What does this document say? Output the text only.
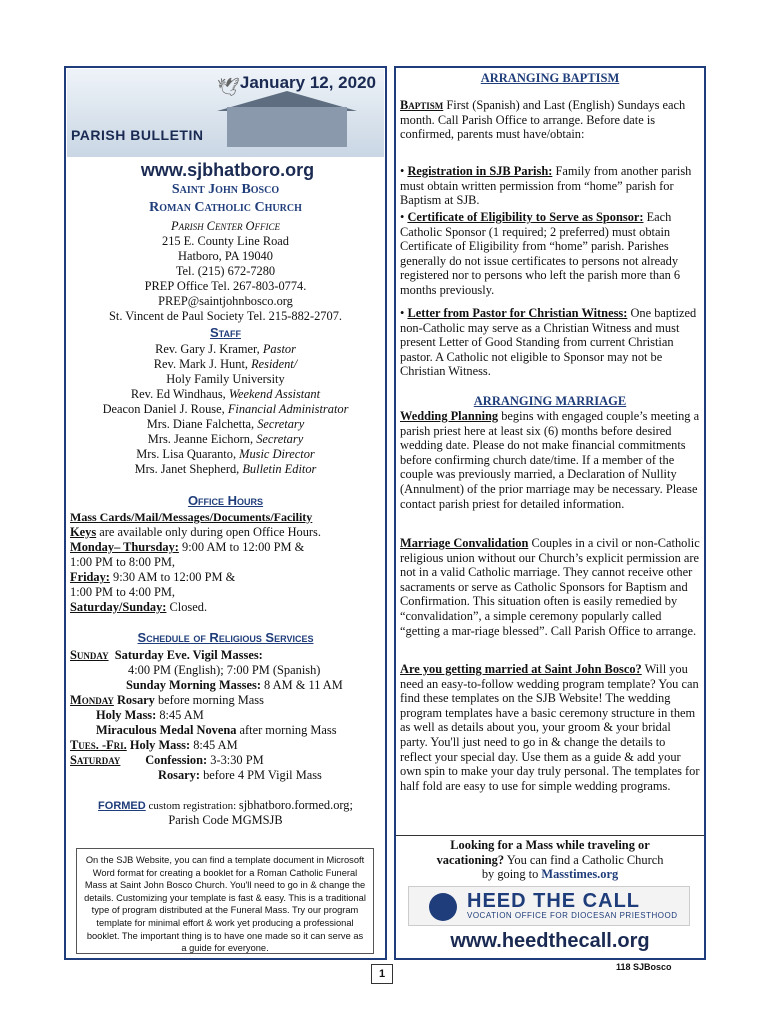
🕊 January 12, 2020
PARISH BULLETIN
www.sjbhatboro.org
Saint John Bosco
Roman Catholic Church
Parish Center Office
215 E. County Line Road
Hatboro, PA 19040
Tel. (215) 672-7280
PREP Office Tel. 267-803-0774.
PREP@saintjohnbosco.org
St. Vincent de Paul Society Tel. 215-882-2707.
Staff
Rev. Gary J. Kramer, Pastor
Rev. Mark J. Hunt, Resident/
Holy Family University
Rev. Ed Windhaus, Weekend Assistant
Deacon Daniel J. Rouse, Financial Administrator
Mrs. Diane Falchetta, Secretary
Mrs. Jeanne Eichorn, Secretary
Mrs. Lisa Quaranto, Music Director
Mrs. Janet Shepherd, Bulletin Editor
Office Hours
Mass Cards/Mail/Messages/Documents/Facility
Keys are available only during open Office Hours.
Monday– Thursday: 9:00 AM to 12:00 PM &
1:00 PM to 8:00 PM,
Friday: 9:30 AM to 12:00 PM &
1:00 PM to 4:00 PM,
Saturday/Sunday: Closed.
Schedule of Religious Services
Sunday Saturday Eve. Vigil Masses:
4:00 PM (English); 7:00 PM (Spanish)
Sunday Morning Masses: 8 AM & 11 AM
Monday Rosary before morning Mass
Holy Mass: 8:45 AM
Miraculous Medal Novena after morning Mass
Tues. -Fri. Holy Mass: 8:45 AM
Saturday Confession: 3-3:30 PM
Rosary: before 4 PM Vigil Mass
FORMED custom registration: sjbhatboro.formed.org;
Parish Code MGMSJB
On the SJB Website, you can find a template document in Microsoft Word format for creating a booklet for a Roman Catholic Funeral Mass at Saint John Bosco Church. You'll need to go in & change the details. Customizing your template is fast & easy. This is a traditional type of program distributed at the Funeral Mass. Try our program template for minimal effort & work yet producing a professional booklet. The important thing is to have one made so it can serve as a guide for everyone.
ARRANGING BAPTISM
Baptism First (Spanish) and Last (English) Sundays each month. Call Parish Office to arrange. Before date is confirmed, parents must have/obtain:
• Registration in SJB Parish: Family from another parish must obtain written permission from “home” parish for Baptism at SJB.
• Certificate of Eligibility to Serve as Sponsor: Each Catholic Sponsor (1 required; 2 preferred) must obtain Certificate of Eligibility from “home” parish. Parishes generally do not issue certificates to persons not already registered nor to persons who left the parish more than 6 months previously.
• Letter from Pastor for Christian Witness: One baptized non-Catholic may serve as a Christian Witness and must present Letter of Good Standing from current Christian pastor. A Catholic not eligible to Sponsor may not be Christian Witness.
ARRANGING MARRIAGE
Wedding Planning begins with engaged couple’s meeting a parish priest here at least six (6) months before desired wedding date. Please do not make financial commitments before confirming church date/time. If a member of the couple was previously married, a Declaration of Nullity (Annulment) of the prior marriage may be necessary. Please contact parish priest for detailed information.
Marriage Convalidation Couples in a civil or non-Catholic religious union without our Church’s explicit permission are not in a valid Catholic marriage. They cannot receive other sacraments or serve as Catholic Sponsors for Baptism and Confirmation. This situation often is easily remedied by “convalidation”, a simple ceremony popularly called “getting a mar-riage blessed”. Call Parish Office to arrange.
Are you getting married at Saint John Bosco? Will you need an easy-to-follow wedding program template? You can find these templates on the SJB Website! The wedding program templates have a basic ceremony structure in them as well as details about you, your groom & your bridal party. You'll just need to go in & change the details to reflect your special day. Use them as a guide & add your own spin to make your day truly personal. The templates for half fold are easy to use for simple wedding programs.
Looking for a Mass while traveling or
vacationing? You can find a Catholic Church
by going to Masstimes.org
HEED THE CALL
VOCATION OFFICE FOR DIOCESAN PRIESTHOOD
www.heedthecall.org
1
118 SJBosco
